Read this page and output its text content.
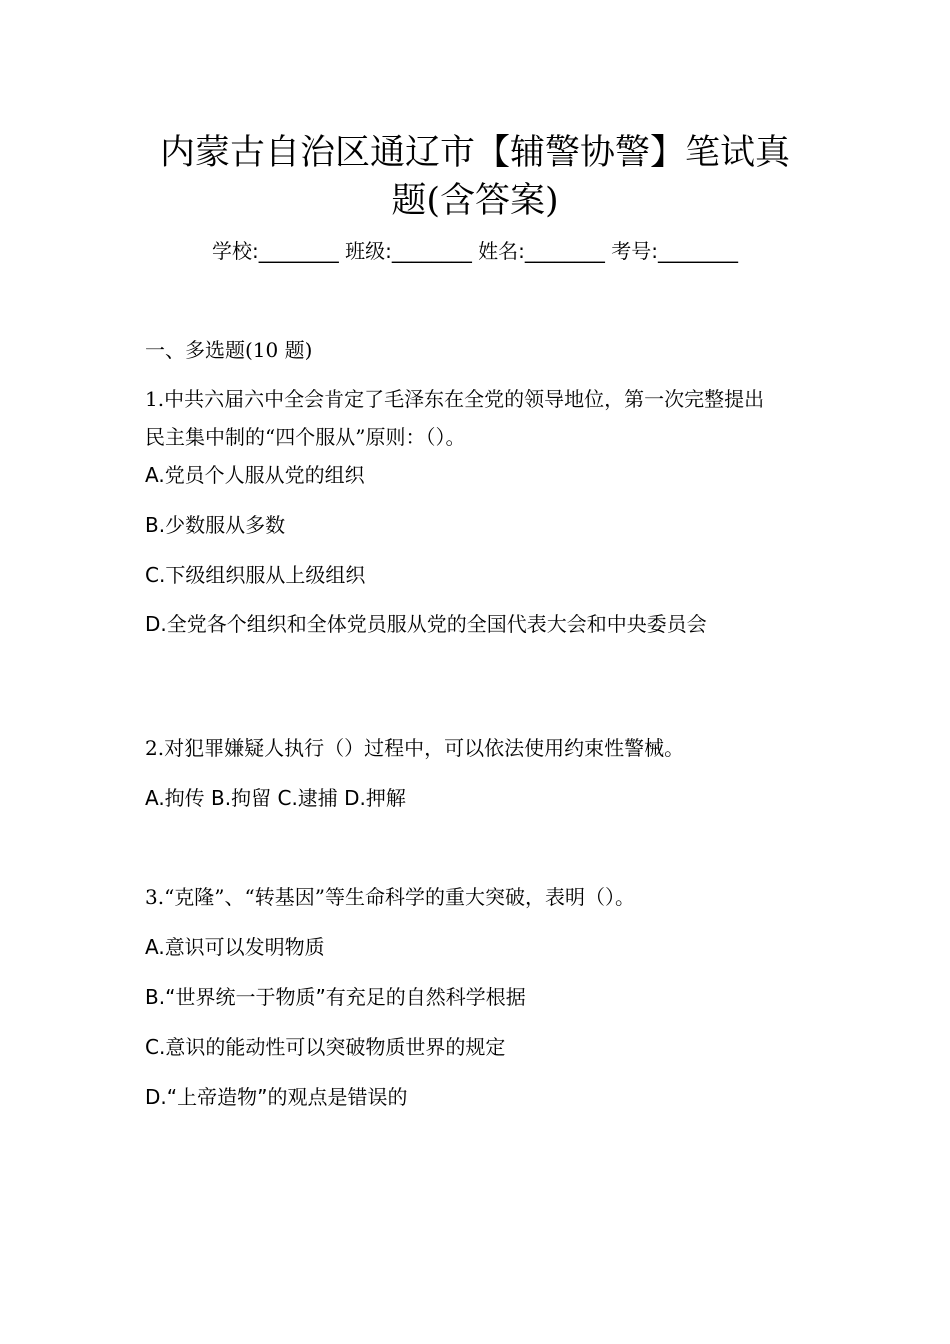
内蒙古自治区通辽市【辅警协警】笔试真
题(含答案)
学校:________ 班级:________ 姓名:________ 考号:________
一、多选题(10 题)
1.中共六届六中全会肯定了毛泽东在全党的领导地位，第一次完整提出
民主集中制的“四个服从”原则：（）。
A.党员个人服从党的组织
B.少数服从多数
C.下级组织服从上级组织
D.全党各个组织和全体党员服从党的全国代表大会和中央委员会
2.对犯罪嫌疑人执行（）过程中，可以依法使用约束性警械。
A.拘传 B.拘留 C.逮捕 D.押解
3.“克隆”、“转基因”等生命科学的重大突破，表明（）。
A.意识可以发明物质
B.“世界统一于物质”有充足的自然科学根据
C.意识的能动性可以突破物质世界的规定
D.“上帝造物”的观点是错误的
